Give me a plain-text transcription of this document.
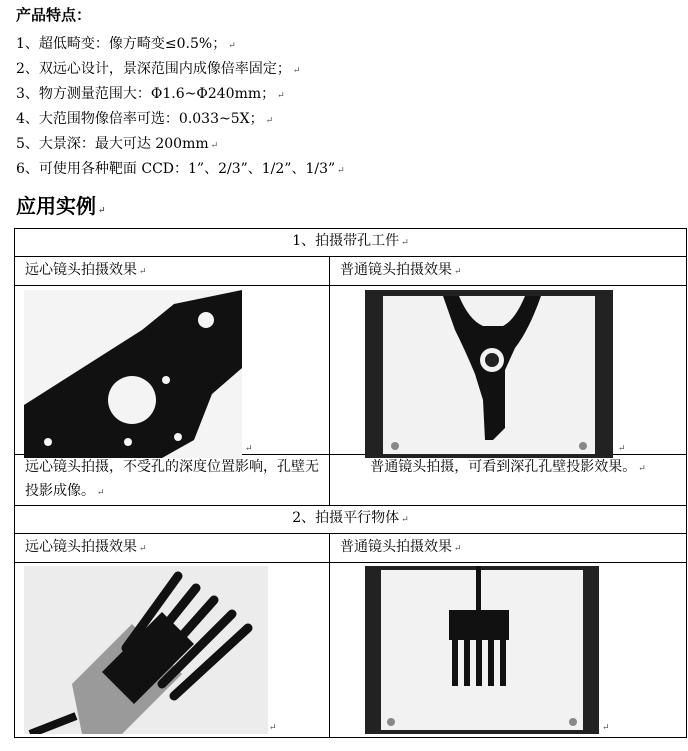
产品特点：
1、超低畸变：像方畸变≤0.5%； ↵
2、双远心设计，景深范围内成像倍率固定； ↵
3、物方测量范围大：Φ1.6~Φ240mm； ↵
4、大范围物像倍率可选：0.033~5X； ↵
5、大景深：最大可达 200mm ↵
6、可使用各种靶面 CCD：1”、2/3”、1/2”、1/3” ↵
应用实例 ↵
1、拍摄带孔工件 ↵	
远心镜头拍摄效果 ↵	普通镜头拍摄效果 ↵

↵	↵

远心镜头拍摄，不受孔的深度位置影响，孔壁无投影成像。 ↵	普通镜头拍摄，可看到深孔孔壁投影效果。 ↵
2、拍摄平行物体 ↵	
远心镜头拍摄效果 ↵	普通镜头拍摄效果 ↵

↵	↵
